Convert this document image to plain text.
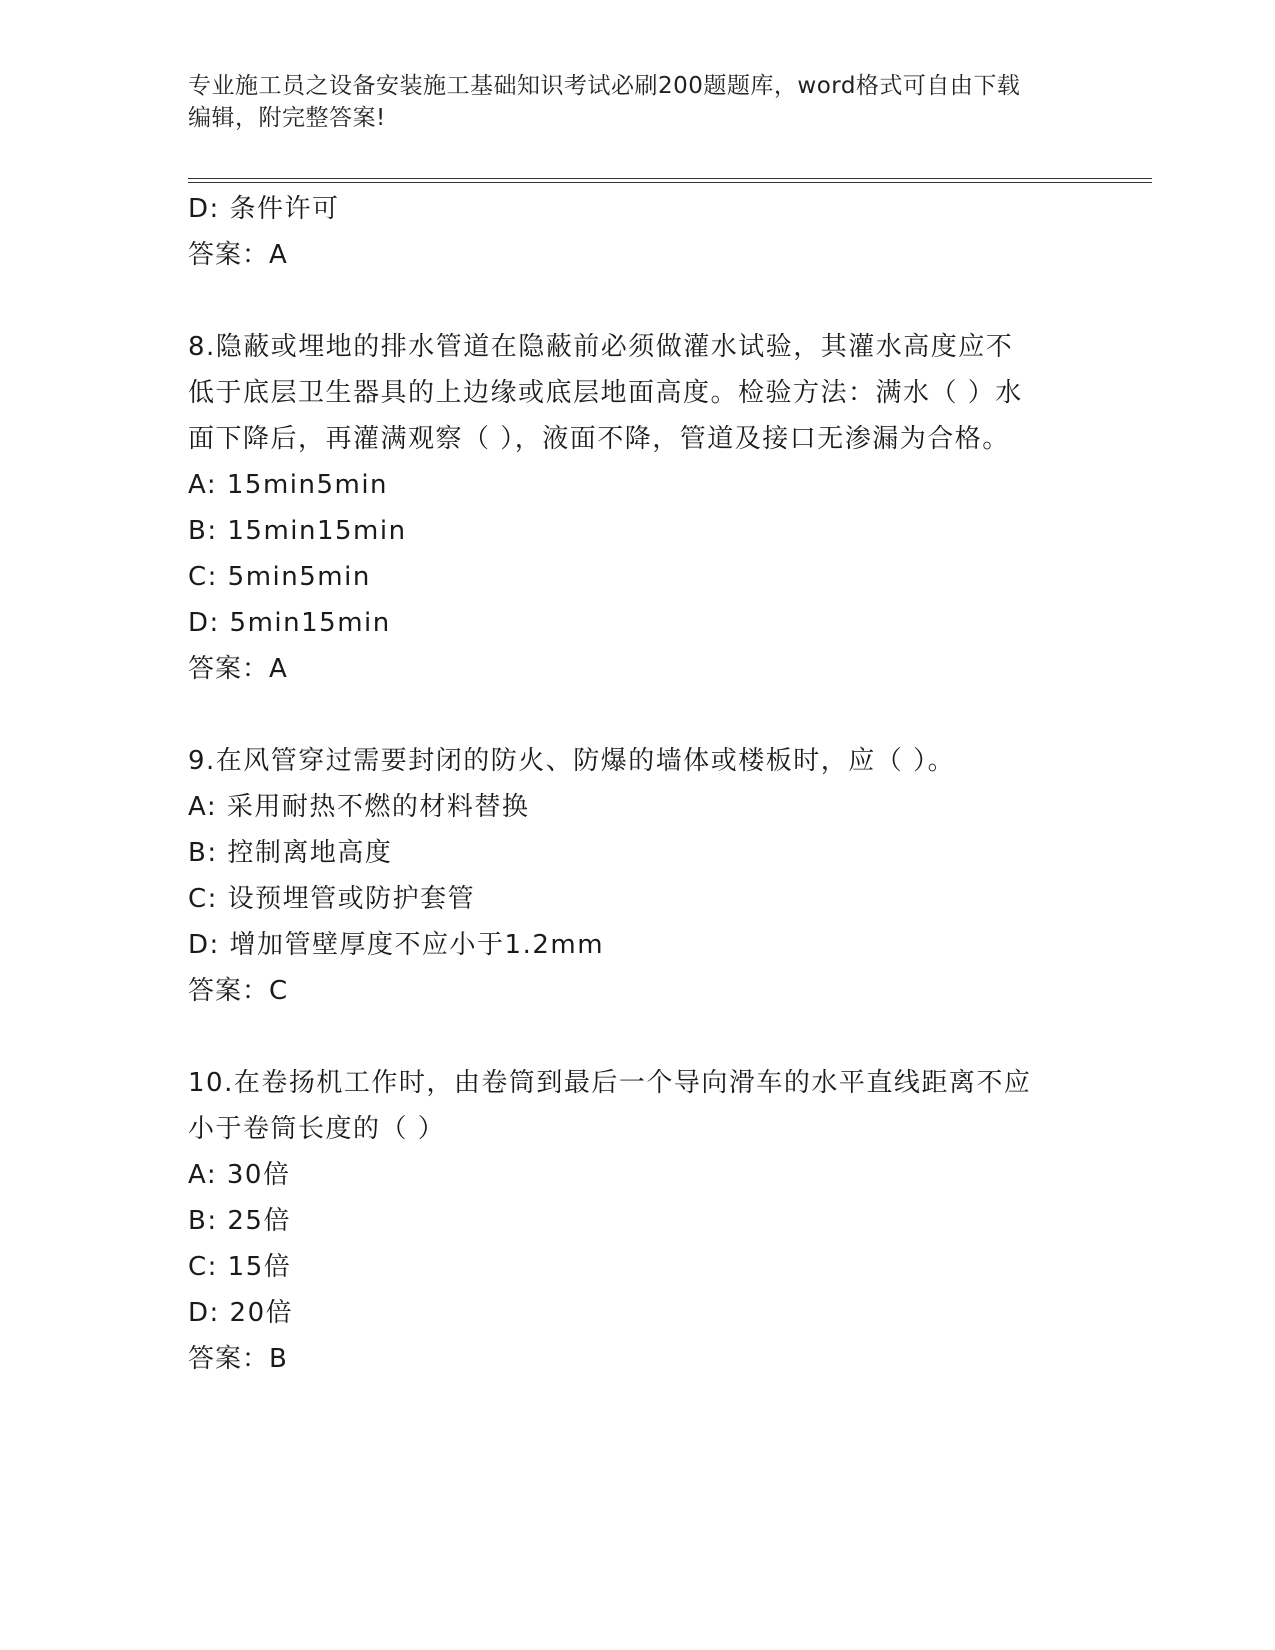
专业施工员之设备安装施工基础知识考试必刷200题题库，word格式可自由下载
编辑，附完整答案!
D: 条件许可
答案：A
8.隐蔽或埋地的排水管道在隐蔽前必须做灌水试验，其灌水高度应不
低于底层卫生器具的上边缘或底层地面高度。检验方法：满水（ ）水
面下降后，再灌满观察（ ），液面不降，管道及接口无渗漏为合格。
A: 15min5min
B: 15min15min
C: 5min5min
D: 5min15min
答案：A
9.在风管穿过需要封闭的防火、防爆的墙体或楼板时，应（ ）。
A: 采用耐热不燃的材料替换
B: 控制离地高度
C: 设预埋管或防护套管
D: 增加管壁厚度不应小于1.2mm
答案：C
10.在卷扬机工作时，由卷筒到最后一个导向滑车的水平直线距离不应
小于卷筒长度的（ ）
A: 30倍
B: 25倍
C: 15倍
D: 20倍
答案：B
